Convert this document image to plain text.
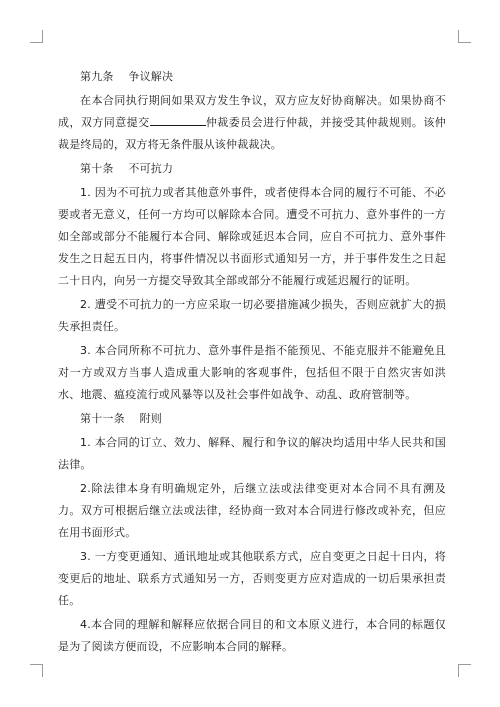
第九条    争议解决

在本合同执行期间如果双方发生争议，双方应友好协商解决。如果协商不成，双方同意提交	仲裁委员会进行仲裁，并接受其仲裁规则。该仲裁是终局的，双方将无条件服从该仲裁裁决。

第十条    不可抗力

1. 因为不可抗力或者其他意外事件，或者使得本合同的履行不可能、不必要或者无意义，任何一方均可以解除本合同。遭受不可抗力、意外事件的一方如全部或部分不能履行本合同、解除或延迟本合同，应自不可抗力、意外事件发生之日起五日内，将事件情况以书面形式通知另一方，并于事件发生之日起二十日内，向另一方提交导致其全部或部分不能履行或延迟履行的证明。

2. 遭受不可抗力的一方应采取一切必要措施减少损失，否则应就扩大的损失承担责任。

3. 本合同所称不可抗力、意外事件是指不能预见、不能克服并不能避免且对一方或双方当事人造成重大影响的客观事件，包括但不限于自然灾害如洪水、地震、瘟疫流行或风暴等以及社会事件如战争、动乱、政府管制等。

第十一条    附则

1. 本合同的订立、效力、解释、履行和争议的解决均适用中华人民共和国法律。

2.除法律本身有明确规定外，后继立法或法律变更对本合同不具有溯及力。双方可根据后继立法或法律，经协商一致对本合同进行修改或补充，但应在用书面形式。

3. 一方变更通知、通讯地址或其他联系方式，应自变更之日起十日内，将变更后的地址、联系方式通知另一方，否则变更方应对造成的一切后果承担责任。

4.本合同的理解和解释应依据合同目的和文本原义进行，本合同的标题仅是为了阅读方便而设，不应影响本合同的解释。
